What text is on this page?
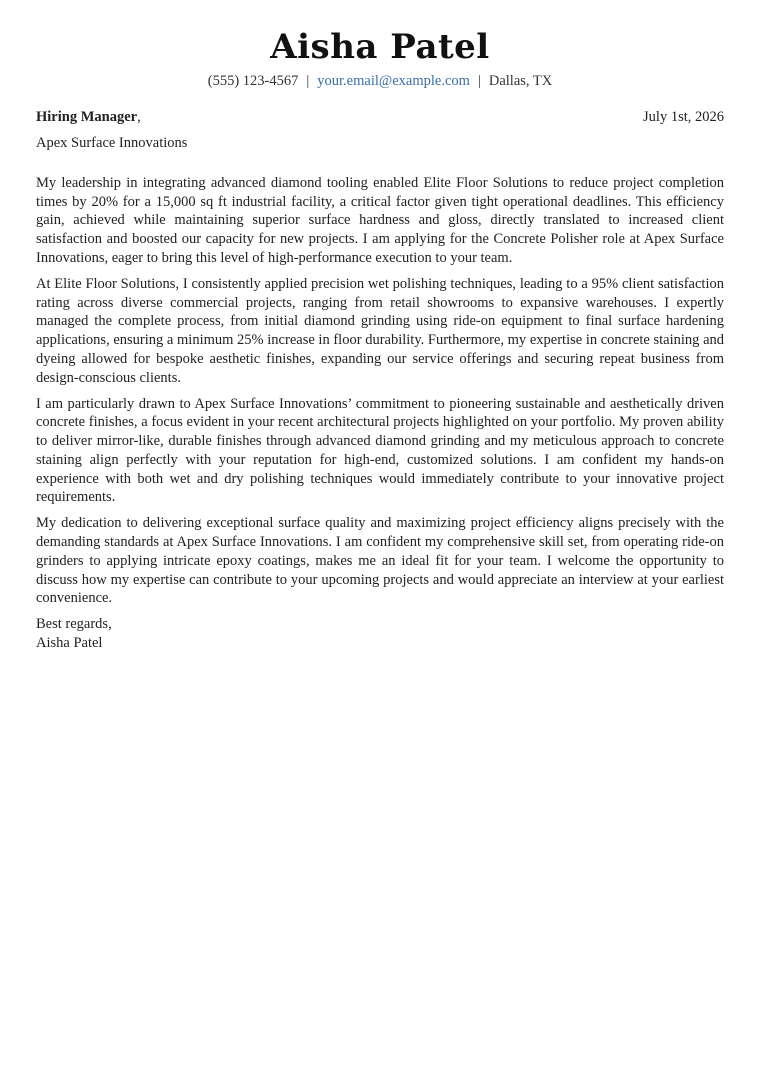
Aisha Patel
(555) 123-4567 | your.email@example.com | Dallas, TX
Hiring Manager,	July 1st, 2026
Apex Surface Innovations

My leadership in integrating advanced diamond tooling enabled Elite Floor Solutions to reduce project completion times by 20% for a 15,000 sq ft industrial facility, a critical factor given tight operational deadlines. This efficiency gain, achieved while maintaining superior surface hardness and gloss, directly translated to increased client satisfaction and boosted our capacity for new projects. I am applying for the Concrete Polisher role at Apex Surface Innovations, eager to bring this level of high-performance execution to your team.

At Elite Floor Solutions, I consistently applied precision wet polishing techniques, leading to a 95% client satisfaction rating across diverse commercial projects, ranging from retail showrooms to expansive warehouses. I expertly managed the complete process, from initial diamond grinding using ride-on equipment to final surface hardening applications, ensuring a minimum 25% increase in floor durability. Furthermore, my expertise in concrete staining and dyeing allowed for bespoke aesthetic finishes, expanding our service offerings and securing repeat business from design-conscious clients.

I am particularly drawn to Apex Surface Innovations’ commitment to pioneering sustainable and aesthetically driven concrete finishes, a focus evident in your recent architectural projects highlighted on your portfolio. My proven ability to deliver mirror-like, durable finishes through advanced diamond grinding and my meticulous approach to concrete staining align perfectly with your reputation for high-end, customized solutions. I am confident my hands-on experience with both wet and dry polishing techniques would immediately contribute to your innovative project requirements.

My dedication to delivering exceptional surface quality and maximizing project efficiency aligns precisely with the demanding standards at Apex Surface Innovations. I am confident my comprehensive skill set, from operating ride-on grinders to applying intricate epoxy coatings, makes me an ideal fit for your team. I welcome the opportunity to discuss how my expertise can contribute to your upcoming projects and would appreciate an interview at your earliest convenience.

Best regards,
Aisha Patel
